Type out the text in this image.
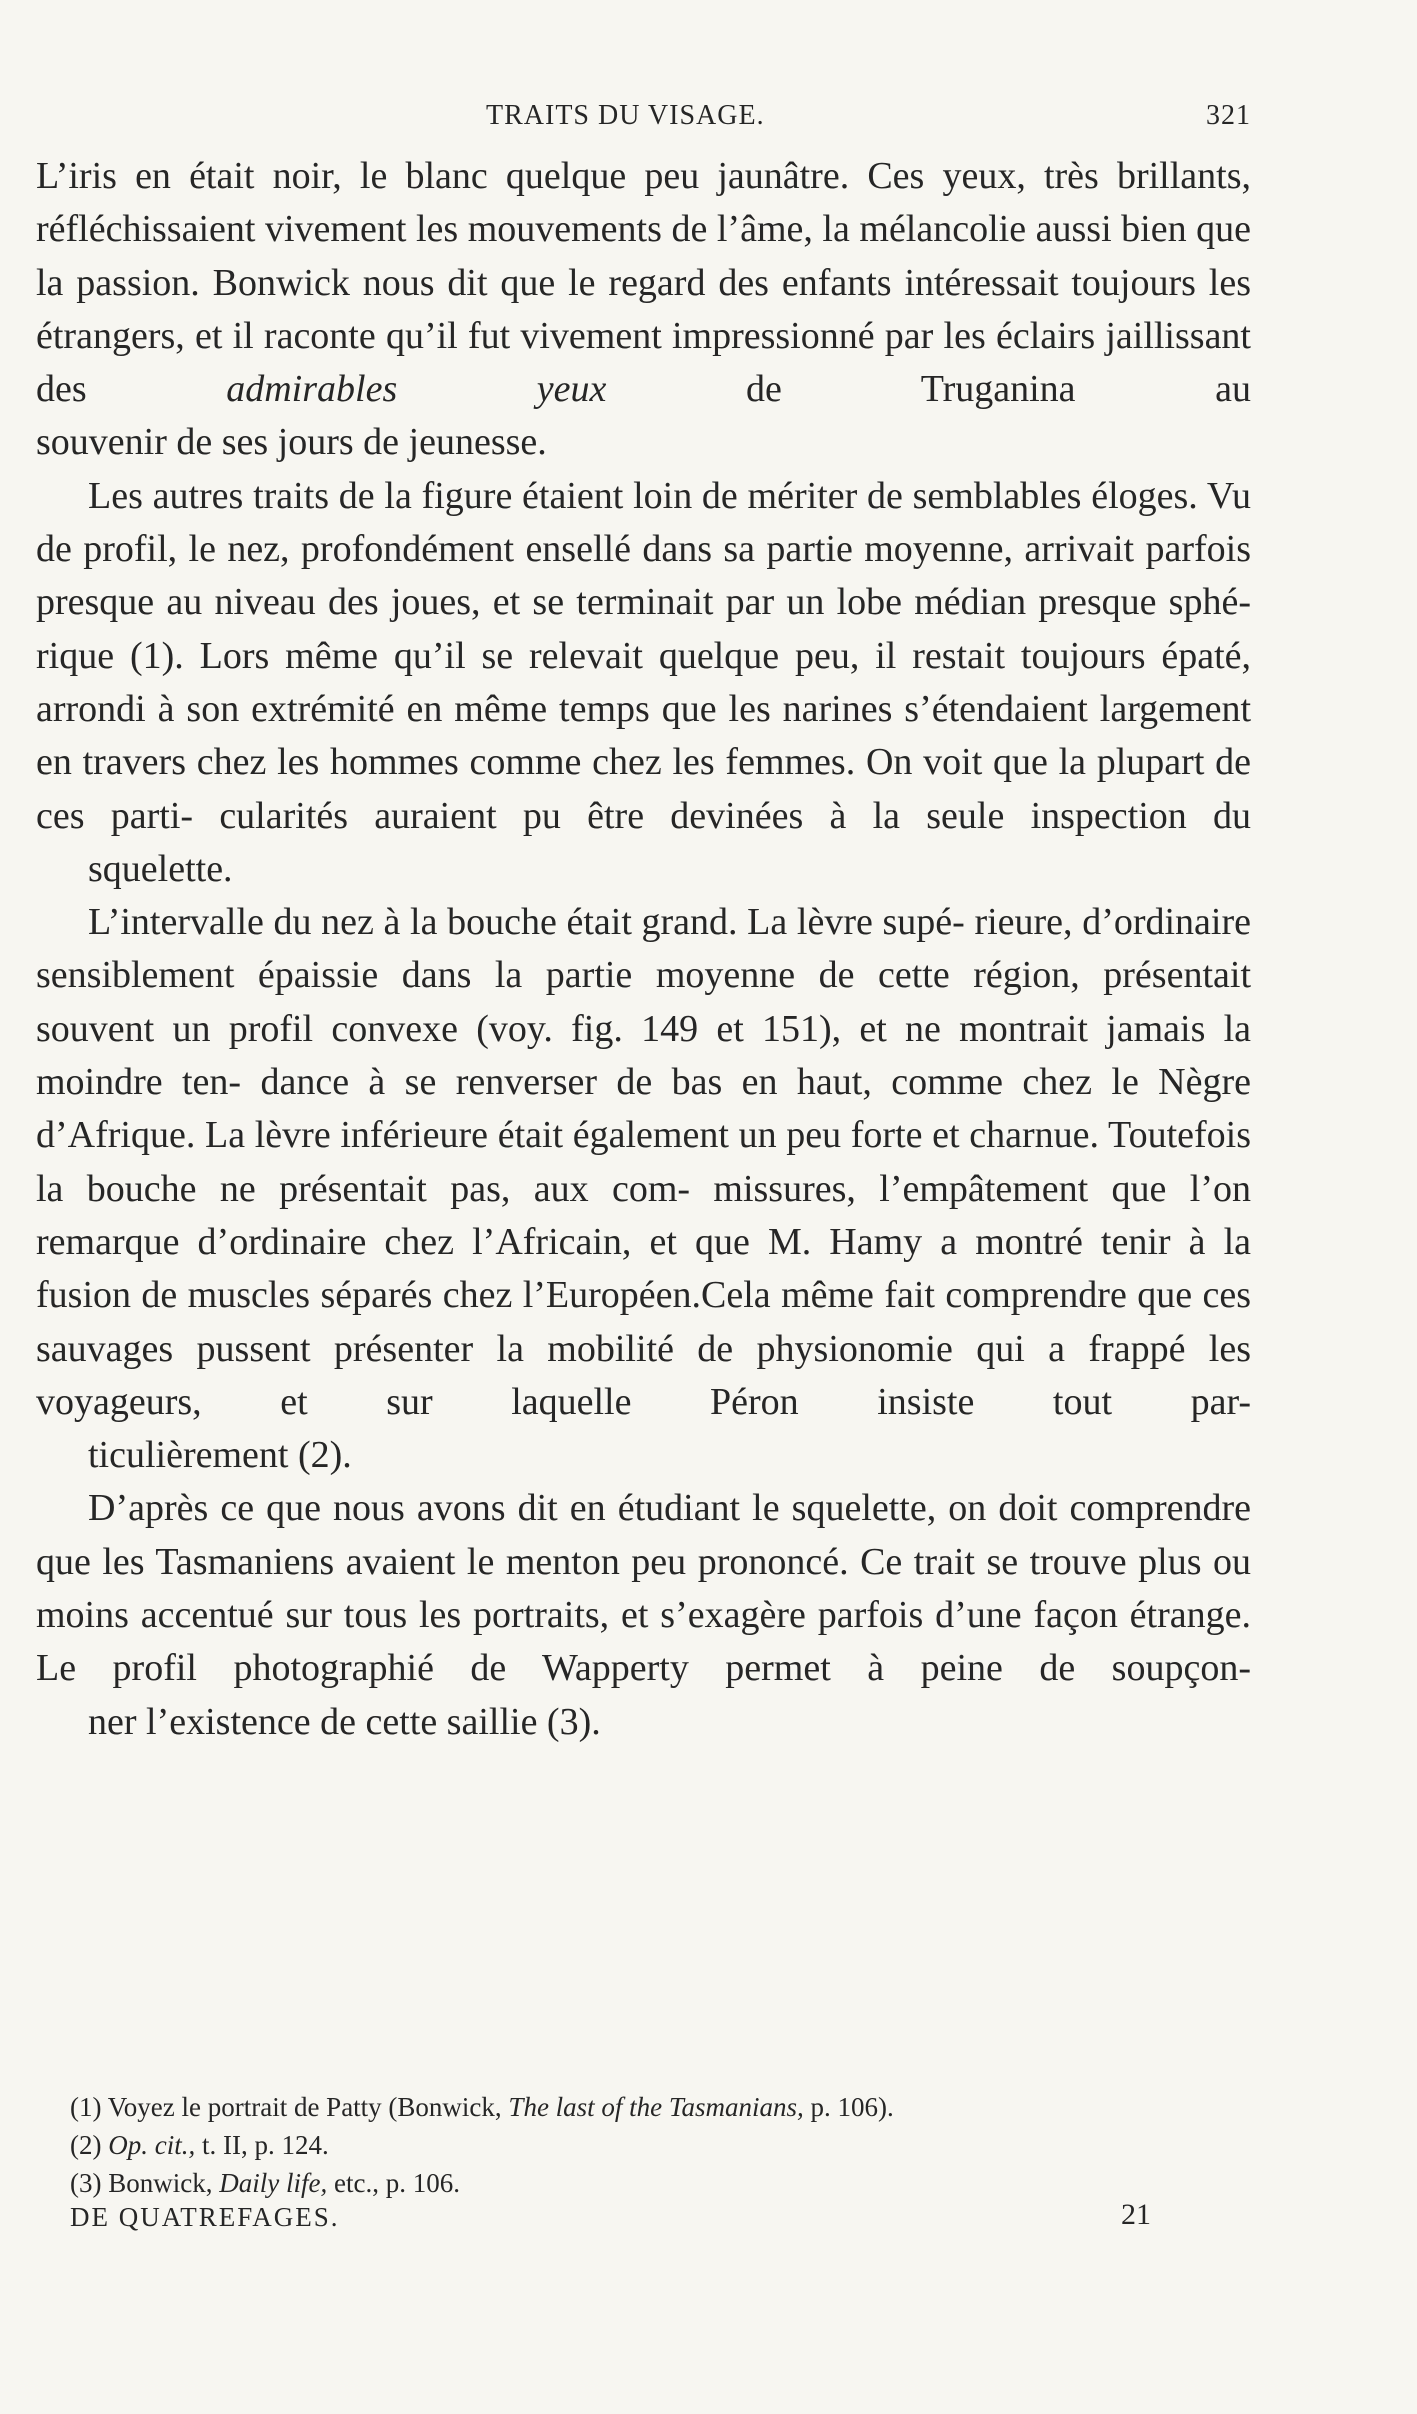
TRAITS DU VISAGE.	321

L’iris en était noir, le blanc quelque peu jaunâtre. Ces yeux, très brillants, réfléchissaient vivement les mouvements de l’âme, la mélancolie aussi bien que la passion. Bonwick nous dit que le regard des enfants intéressait toujours les étrangers, et il raconte qu’il fut vivement impressionné par les éclairs jaillissant des admirables yeux de Truganina au
souvenir de ses jours de jeunesse.

Les autres traits de la figure étaient loin de mériter de semblables éloges. Vu de profil, le nez, profondément ensellé dans sa partie moyenne, arrivait parfois presque au niveau des joues, et se terminait par un lobe médian presque sphé- rique (1). Lors même qu’il se relevait quelque peu, il restait toujours épaté, arrondi à son extrémité en même temps que les narines s’étendaient largement en travers chez les hommes comme chez les femmes. On voit que la plupart de ces parti- cularités auraient pu être devinées à la seule inspection du
squelette.

L’intervalle du nez à la bouche était grand. La lèvre supé- rieure, d’ordinaire sensiblement épaissie dans la partie moyenne de cette région, présentait souvent un profil convexe (voy. fig. 149 et 151), et ne montrait jamais la moindre ten- dance à se renverser de bas en haut, comme chez le Nègre d’Afrique. La lèvre inférieure était également un peu forte et charnue. Toutefois la bouche ne présentait pas, aux com- missures, l’empâtement que l’on remarque d’ordinaire chez l’Africain, et que M. Hamy a montré tenir à la fusion de muscles séparés chez l’Européen.Cela même fait comprendre que ces sauvages pussent présenter la mobilité de physionomie qui a frappé les voyageurs, et sur laquelle Péron insiste tout par-
ticulièrement (2).

D’après ce que nous avons dit en étudiant le squelette, on doit comprendre que les Tasmaniens avaient le menton peu prononcé. Ce trait se trouve plus ou moins accentué sur tous les portraits, et s’exagère parfois d’une façon étrange. Le profil photographié de Wapperty permet à peine de soupçon-
ner l’existence de cette saillie (3).

(1) Voyez le portrait de Patty (Bonwick, The last of the Tasmanians, p. 106).
(2) Op. cit., t. II, p. 124.
(3) Bonwick, Daily life, etc., p. 106.
DE QUATREFAGES.	21
